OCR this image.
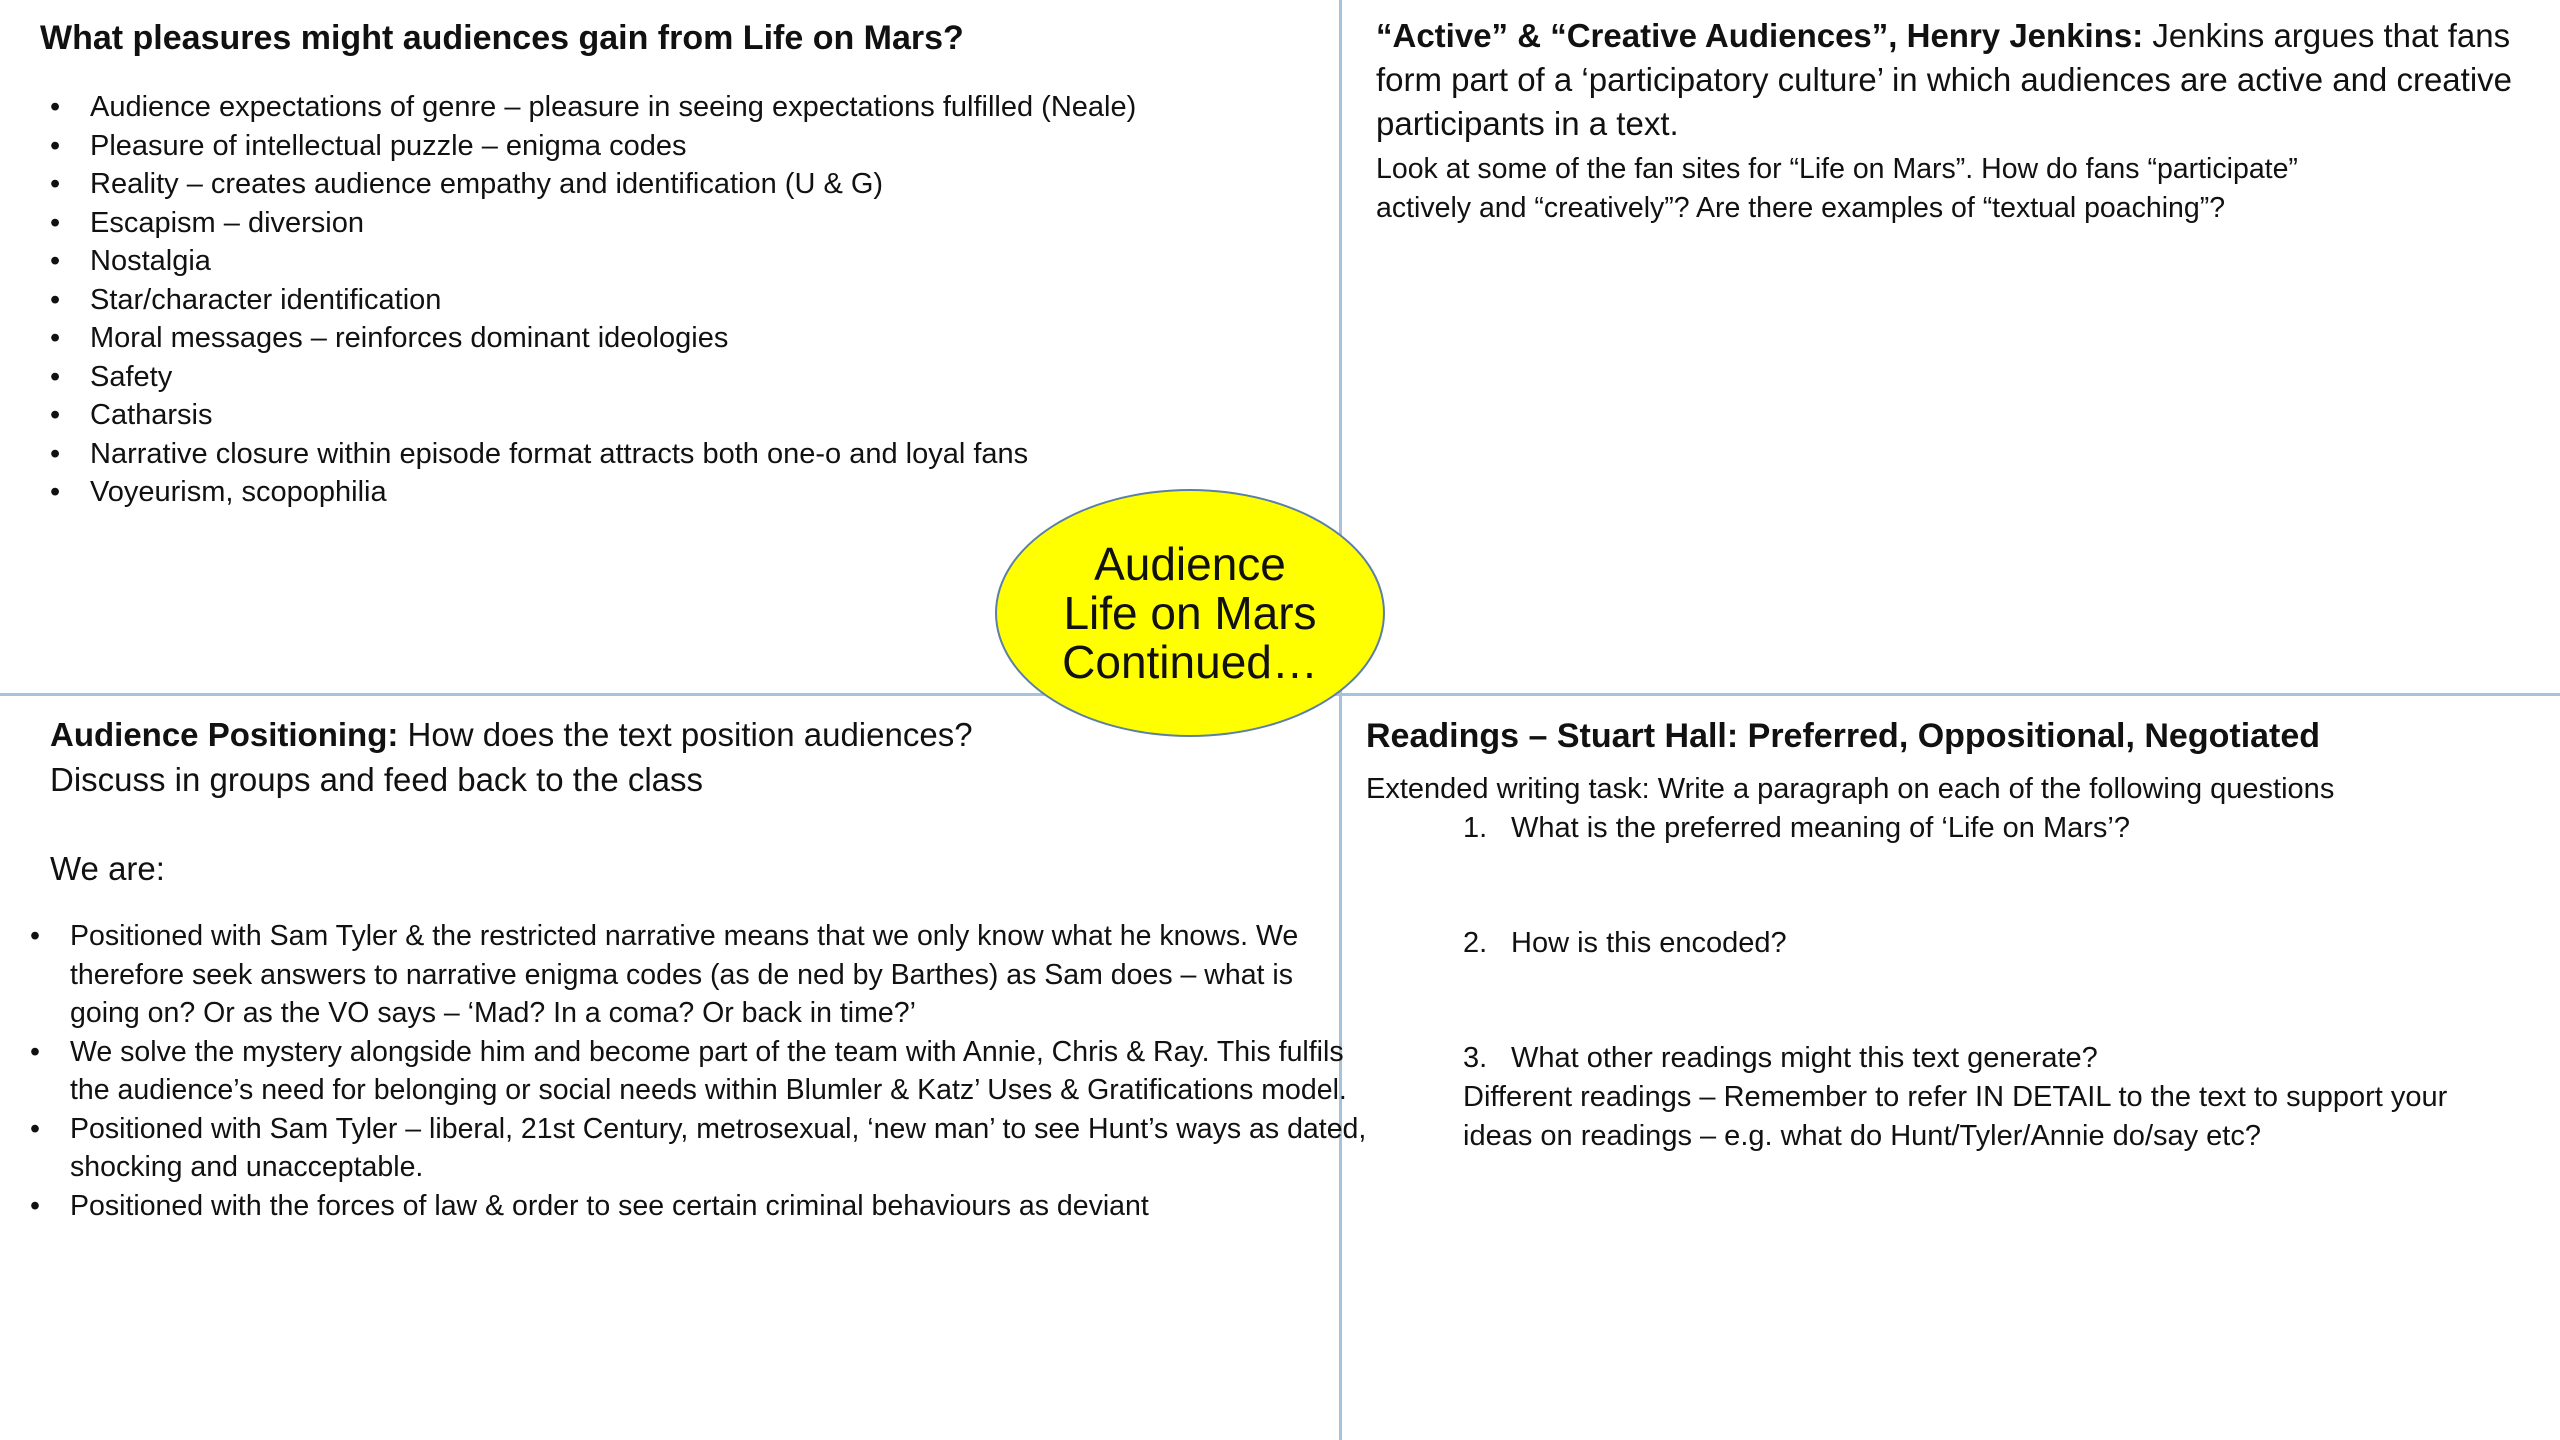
What pleasures might audiences gain from Life on Mars?
• Audience expectations of genre – pleasure in seeing expectations fulfilled (Neale)
• Pleasure of intellectual puzzle – enigma codes
• Reality – creates audience empathy and identification (U & G)
• Escapism – diversion
• Nostalgia
• Star/character identification
• Moral messages – reinforces dominant ideologies
• Safety
• Catharsis
• Narrative closure within episode format attracts both one-o and loyal fans
• Voyeurism, scopophilia
“Active” & “Creative Audiences”, Henry Jenkins: Jenkins argues that fans form part of a ‘participatory culture’ in which audiences are active and creative participants in a text.
Look at some of the fan sites for “Life on Mars”. How do fans “participate” actively and “creatively”? Are there examples of “textual poaching”?
Audience
Life on Mars
Continued…
Audience Positioning: How does the text position audiences?
Discuss in groups and feed back to the class
We are:
• Positioned with Sam Tyler & the restricted narrative means that we only know what he knows. We therefore seek answers to narrative enigma codes (as de ned by Barthes) as Sam does – what is going on? Or as the VO says – ‘Mad? In a coma? Or back in time?’
• We solve the mystery alongside him and become part of the team with Annie, Chris & Ray. This fulfils the audience’s need for belonging or social needs within Blumler & Katz’ Uses & Gratifications model.
• Positioned with Sam Tyler – liberal, 21st Century, metrosexual, ‘new man’ to see Hunt’s ways as dated, shocking and unacceptable.
• Positioned with the forces of law & order to see certain criminal behaviours as deviant
Readings – Stuart Hall: Preferred, Oppositional, Negotiated
Extended writing task: Write a paragraph on each of the following questions
1. What is the preferred meaning of ‘Life on Mars’?
2. How is this encoded?
3. What other readings might this text generate?
Different readings – Remember to refer IN DETAIL to the text to support your ideas on readings – e.g. what do Hunt/Tyler/Annie do/say etc?
